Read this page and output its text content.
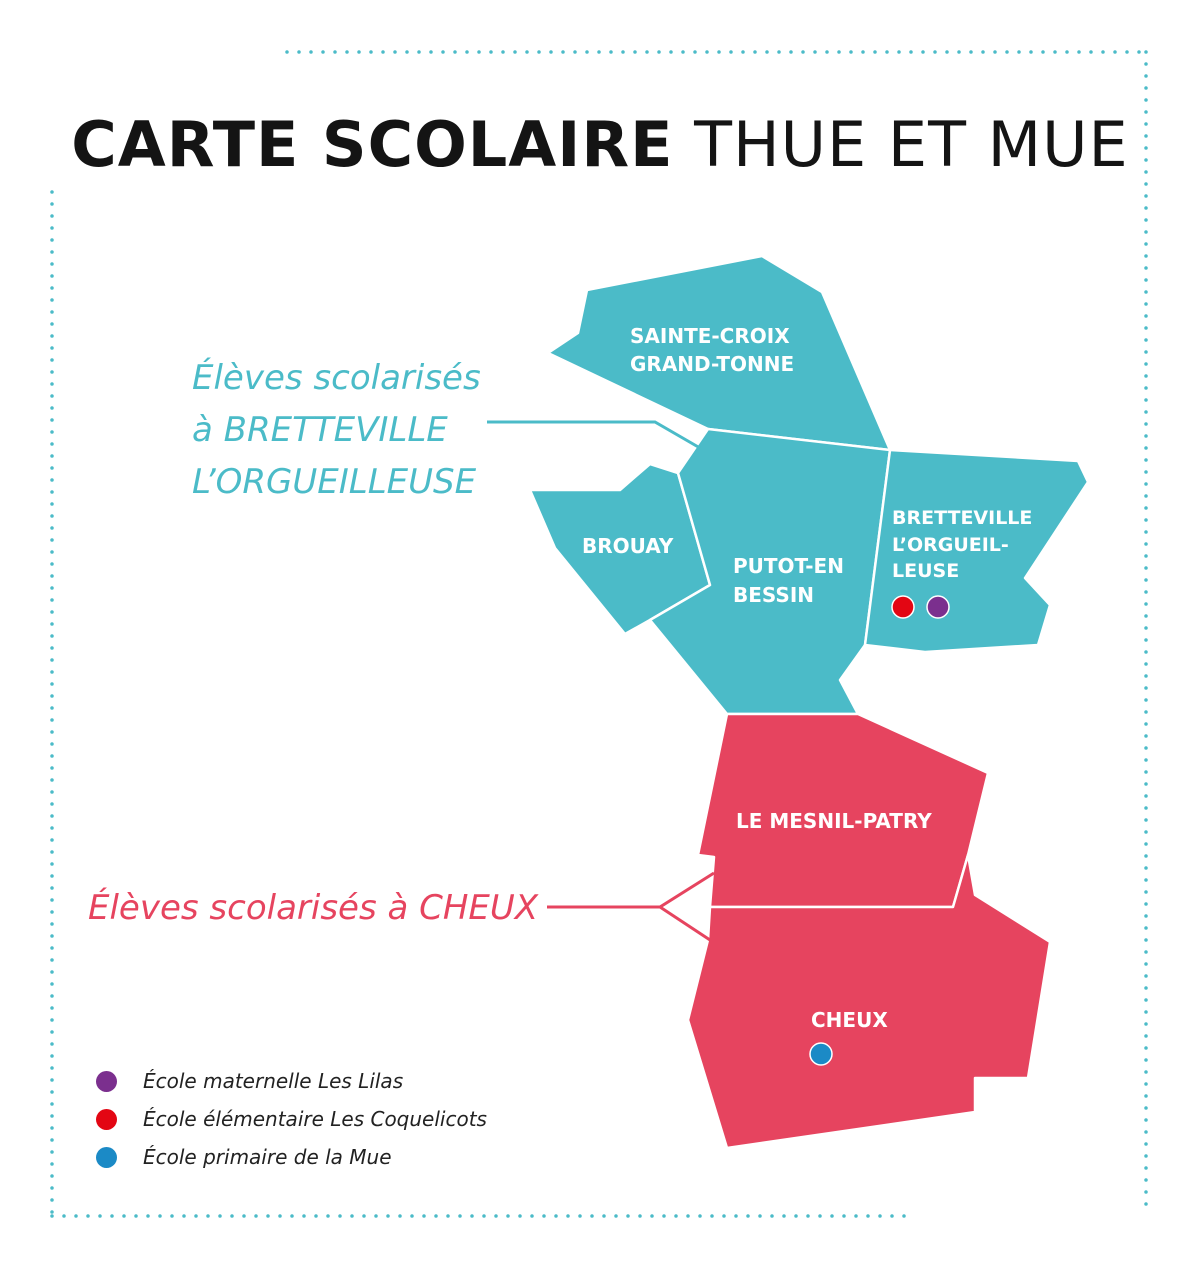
SAINTE-CROIX GRAND-TONNE
BROUAY
PUTOT-EN BESSIN
BRETTEVILLE L’ORGUEIL- LEUSE
LE MESNIL-PATRY
CHEUX
CARTE SCOLAIRE THUE ET MUE
Élèves scolarisés
à BRETTEVILLE
L’ORGUEILLEUSE
Élèves scolarisés à CHEUX
École maternelle Les Lilas
École élémentaire Les Coquelicots
École primaire de la Mue
